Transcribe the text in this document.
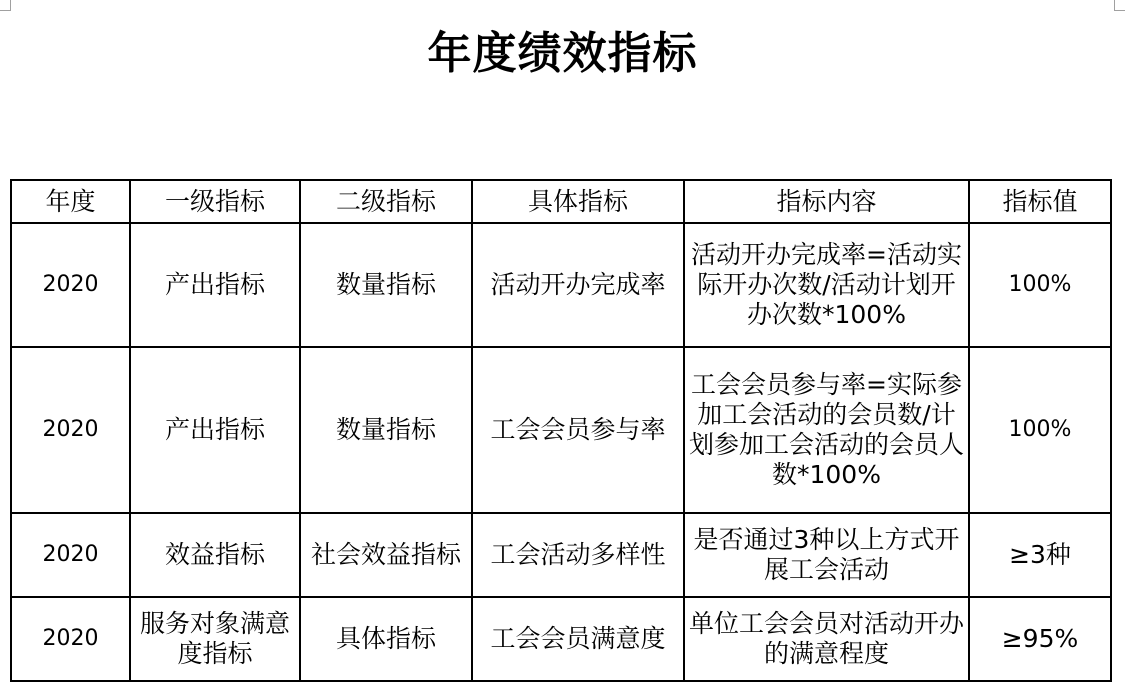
年度绩效指标
年度	一级指标	二级指标	具体指标	指标内容	指标值
2020	产出指标	数量指标	活动开办完成率	活动开办完成率=活动实际开办次数/活动计划开办次数*100%	100%
2020	产出指标	数量指标	工会会员参与率	工会会员参与率=实际参加工会活动的会员数/计划参加工会活动的会员人数*100%	100%
2020	效益指标	社会效益指标	工会活动多样性	是否通过3种以上方式开展工会活动	≥3种
2020	服务对象满意度指标	具体指标	工会会员满意度	单位工会会员对活动开办的满意程度	≥95%
